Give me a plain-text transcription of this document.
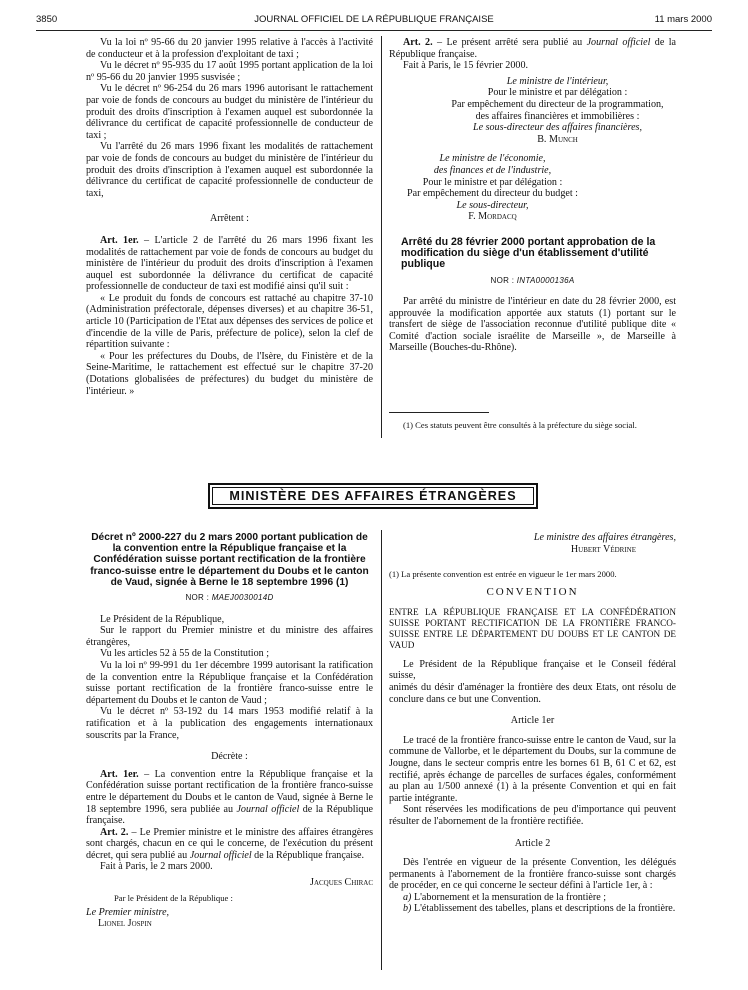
3850	JOURNAL OFFICIEL DE LA RÉPUBLIQUE FRANÇAISE	11 mars 2000

Vu la loi nº 95-66 du 20 janvier 1995 relative à l'accès à l'activité de conducteur et à la profession d'exploitant de taxi ;

Vu le décret nº 95-935 du 17 août 1995 portant application de la loi nº 95-66 du 20 janvier 1995 susvisée ;

Vu le décret nº 96-254 du 26 mars 1996 autorisant le rattachement par voie de fonds de concours au budget du ministère de l'intérieur du produit des droits d'inscription à l'examen auquel est subordonnée la délivrance du certificat de capacité professionnelle de conducteur de taxi ;

Vu l'arrêté du 26 mars 1996 fixant les modalités de rattachement par voie de fonds de concours au budget du ministère de l'intérieur du produit des droits d'inscription à l'examen auquel est subordonnée la délivrance du certificat de capacité professionnelle de conducteur de taxi,

Arrêtent :

Art. 1er. – L'article 2 de l'arrêté du 26 mars 1996 fixant les modalités de rattachement par voie de fonds de concours au budget du ministère de l'intérieur du produit des droits d'inscription à l'examen auquel est subordonnée la délivrance du certificat de capacité professionnelle de conducteur de taxi est modifié ainsi qu'il suit :

« Le produit du fonds de concours est rattaché au chapitre 37-10 (Administration préfectorale, dépenses diverses) et au chapitre 36-51, article 10 (Participation de l'Etat aux dépenses des services de police et d'incendie de la ville de Paris, préfecture de police), selon la clef de répartition suivante :

« Pour les préfectures du Doubs, de l'Isère, du Finistère et de la Seine-Maritime, le rattachement est effectué sur le chapitre 37-20 (Dotations globalisées de préfectures) du budget du ministère de l'intérieur. »

Art. 2. – Le présent arrêté sera publié au Journal officiel de la République française.

Fait à Paris, le 15 février 2000.

Le ministre de l'intérieur,
Pour le ministre et par délégation :
Par empêchement du directeur de la programmation,
des affaires financières et immobilières :
Le sous-directeur des affaires financières,
B. Munch
Le ministre de l'économie,
des finances et de l'industrie,
Pour le ministre et par délégation :
Par empêchement du directeur du budget :
Le sous-directeur,
F. Mordacq

Arrêté du 28 février 2000 portant approbation de la modification du siège d'un établissement d'utilité publique

NOR : INTA0000136A

Par arrêté du ministre de l'intérieur en date du 28 février 2000, est approuvée la modification apportée aux statuts (1) portant sur le transfert de siège de l'association reconnue d'utilité publique dite « Comité d'action sociale israélite de Marseille », de Marseille à Marseille (Bouches-du-Rhône).

(1) Ces statuts peuvent être consultés à la préfecture du siège social.

MINISTÈRE DES AFFAIRES ÉTRANGÈRES

Décret nº 2000-227 du 2 mars 2000 portant publication de la convention entre la République française et la Confédération suisse portant rectification de la frontière franco-suisse entre le département du Doubs et le canton de Vaud, signée à Berne le 18 septembre 1996 (1)

NOR : MAEJ0030014D

Le Président de la République,

Sur le rapport du Premier ministre et du ministre des affaires étrangères,

Vu les articles 52 à 55 de la Constitution ;

Vu la loi nº 99-991 du 1er décembre 1999 autorisant la ratification de la convention entre la République française et la Confédération suisse portant rectification de la frontière franco-suisse entre le département du Doubs et le canton de Vaud ;

Vu le décret nº 53-192 du 14 mars 1953 modifié relatif à la ratification et à la publication des engagements internationaux souscrits par la France,

Décrète :

Art. 1er. – La convention entre la République française et la Confédération suisse portant rectification de la frontière franco-suisse entre le département du Doubs et le canton de Vaud, signée à Berne le 18 septembre 1996, sera publiée au Journal officiel de la République française.

Art. 2. – Le Premier ministre et le ministre des affaires étrangères sont chargés, chacun en ce qui le concerne, de l'exécution du présent décret, qui sera publié au Journal officiel de la République française.

Fait à Paris, le 2 mars 2000.

Jacques Chirac

Par le Président de la République :

Le Premier ministre,

Lionel Jospin

Le ministre des affaires étrangères,

Hubert Védrine

(1) La présente convention est entrée en vigueur le 1er mars 2000.

CONVENTION

ENTRE LA RÉPUBLIQUE FRANÇAISE ET LA CONFÉDÉRATION SUISSE PORTANT RECTIFICATION DE LA FRONTIÈRE FRANCO-SUISSE ENTRE LE DÉPARTEMENT DU DOUBS ET LE CANTON DE VAUD

Le Président de la République française et le Conseil fédéral suisse,

animés du désir d'aménager la frontière des deux Etats, ont résolu de conclure dans ce but une Convention.

Article 1er

Le tracé de la frontière franco-suisse entre le canton de Vaud, sur la commune de Vallorbe, et le département du Doubs, sur la commune de Jougne, dans le secteur compris entre les bornes 61 B, 61 C et 62, est rectifié, après échange de parcelles de surfaces égales, conformément au plan au 1/500 annexé (1) à la présente Convention et qui en fait partie intégrante.

Sont réservées les modifications de peu d'importance qui peuvent résulter de l'abornement de la frontière rectifiée.

Article 2

Dès l'entrée en vigueur de la présente Convention, les délégués permanents à l'abornement de la frontière franco-suisse sont chargés de procéder, en ce qui concerne le secteur défini à l'article 1er, à :

a) L'abornement et la mensuration de la frontière ;

b) L'établissement des tabelles, plans et descriptions de la frontière.
